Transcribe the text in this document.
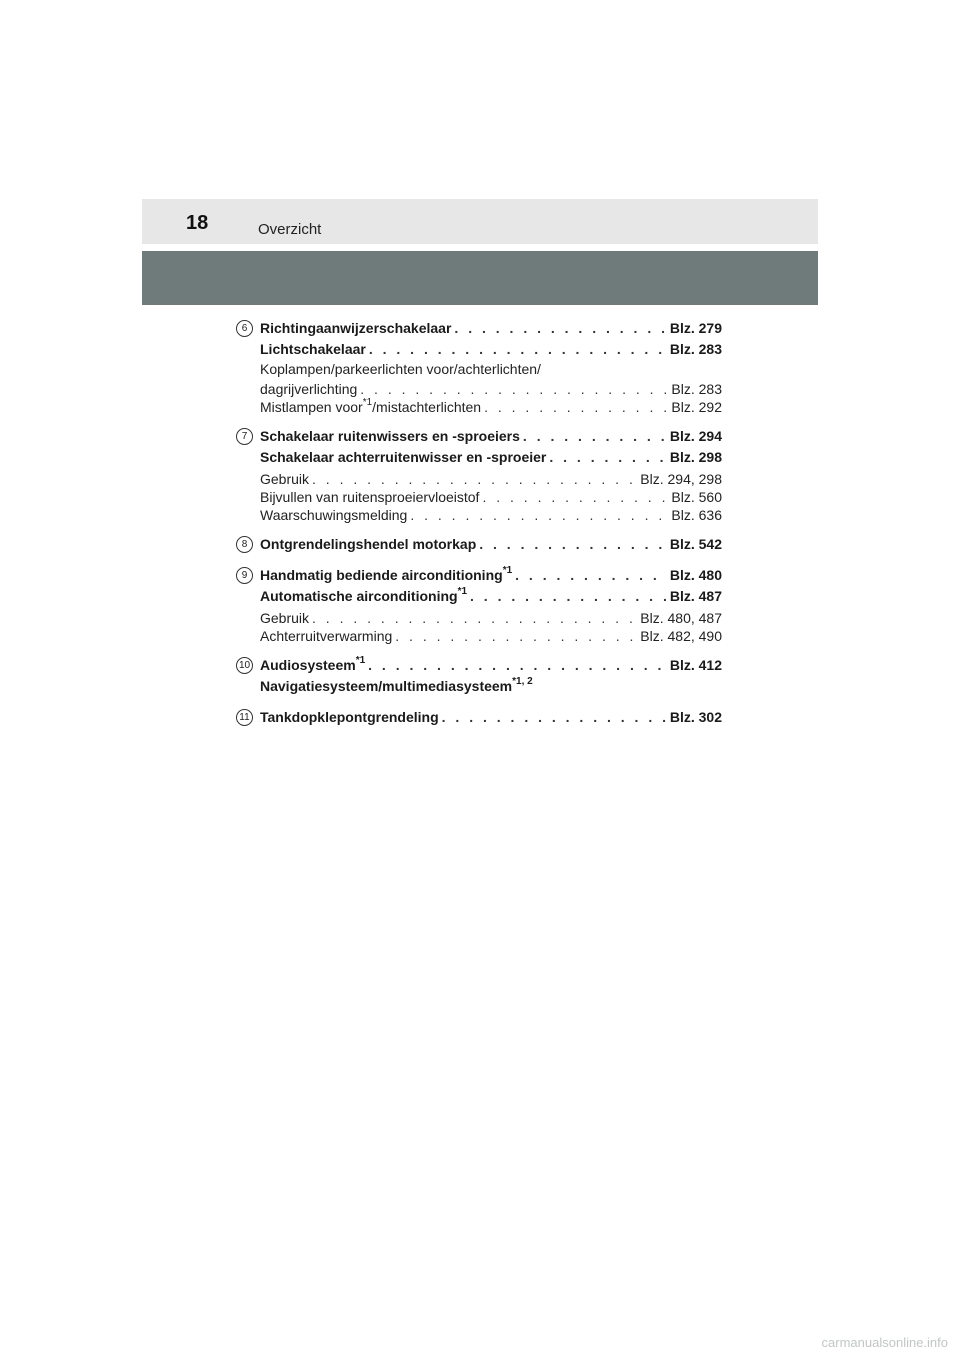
18	Overzicht
6 Richtingaanwijzerschakelaar . . .	Blz. 279
Lichtschakelaar . . .	Blz. 283
Koplampen/parkeerlichten voor/achterlichten/
dagrijverlichting . . .	Blz. 283
Mistlampen voor$^{*1}$/mistachterlichten . . .	Blz. 292
7 Schakelaar ruitenwissers en -sproeiers . . .	Blz. 294
Schakelaar achterruitenwisser en -sproeier . . .	Blz. 298
Gebruik . . .	Blz. 294, 298
Bijvullen van ruitensproeiervloeistof . . .	Blz. 560
Waarschuwingsmelding . . .	Blz. 636
8 Ontgrendelingshendel motorkap . . .	Blz. 542
9 Handmatig bediende airconditioning$^{*1}$ . . .	Blz. 480
Automatische airconditioning$^{*1}$ . . .	Blz. 487
Gebruik . . .	Blz. 480, 487
Achterruitverwarming . . .	Blz. 482, 490
10 Audiosysteem$^{*1}$ . . .	Blz. 412
Navigatiesysteem/multimediasysteem$^{*1, 2}$
11 Tankdopklepontgrendeling . . .	Blz. 302
carmanualsonline.info
